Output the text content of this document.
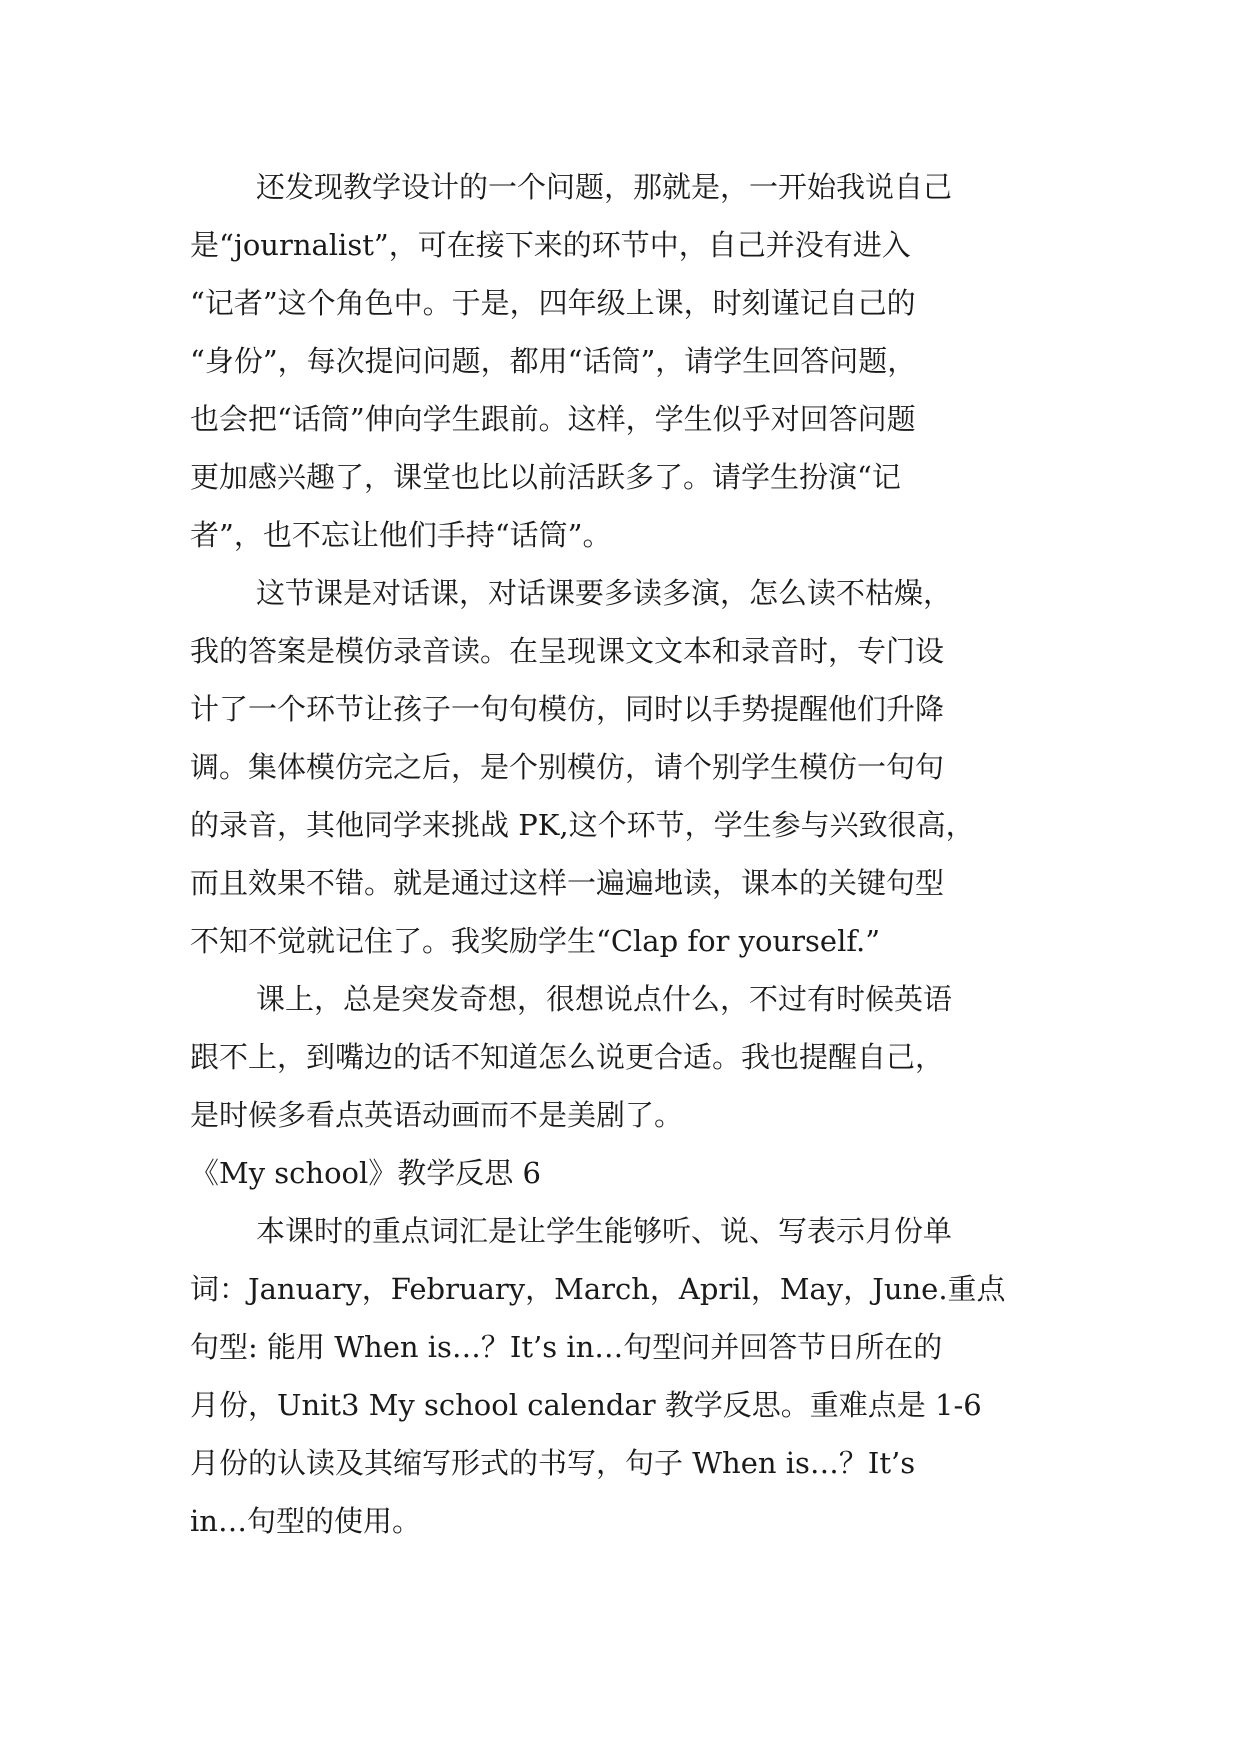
还发现教学设计的一个问题，那就是，一开始我说自己
是“journalist”，可在接下来的环节中，自己并没有进入
“记者”这个角色中。于是，四年级上课，时刻谨记自己的
“身份”，每次提问问题，都用“话筒”，请学生回答问题，
也会把“话筒”伸向学生跟前。这样，学生似乎对回答问题
更加感兴趣了，课堂也比以前活跃多了。请学生扮演“记
者”，也不忘让他们手持“话筒”。
这节课是对话课，对话课要多读多演，怎么读不枯燥，
我的答案是模仿录音读。在呈现课文文本和录音时，专门设
计了一个环节让孩子一句句模仿，同时以手势提醒他们升降
调。集体模仿完之后，是个别模仿，请个别学生模仿一句句
的录音，其他同学来挑战 PK,这个环节，学生参与兴致很高，
而且效果不错。就是通过这样一遍遍地读，课本的关键句型
不知不觉就记住了。我奖励学生“Clap for yourself.”
课上，总是突发奇想，很想说点什么，不过有时候英语
跟不上，到嘴边的话不知道怎么说更合适。我也提醒自己，
是时候多看点英语动画而不是美剧了。
《My school》教学反思 6
本课时的重点词汇是让学生能够听、说、写表示月份单
词：January，February，March，April，May，June.重点
句型: 能用 When is…？It’s in…句型问并回答节日所在的
月份，Unit3 My school calendar 教学反思。重难点是 1-6
月份的认读及其缩写形式的书写，句子 When is…？It’s
in…句型的使用。
